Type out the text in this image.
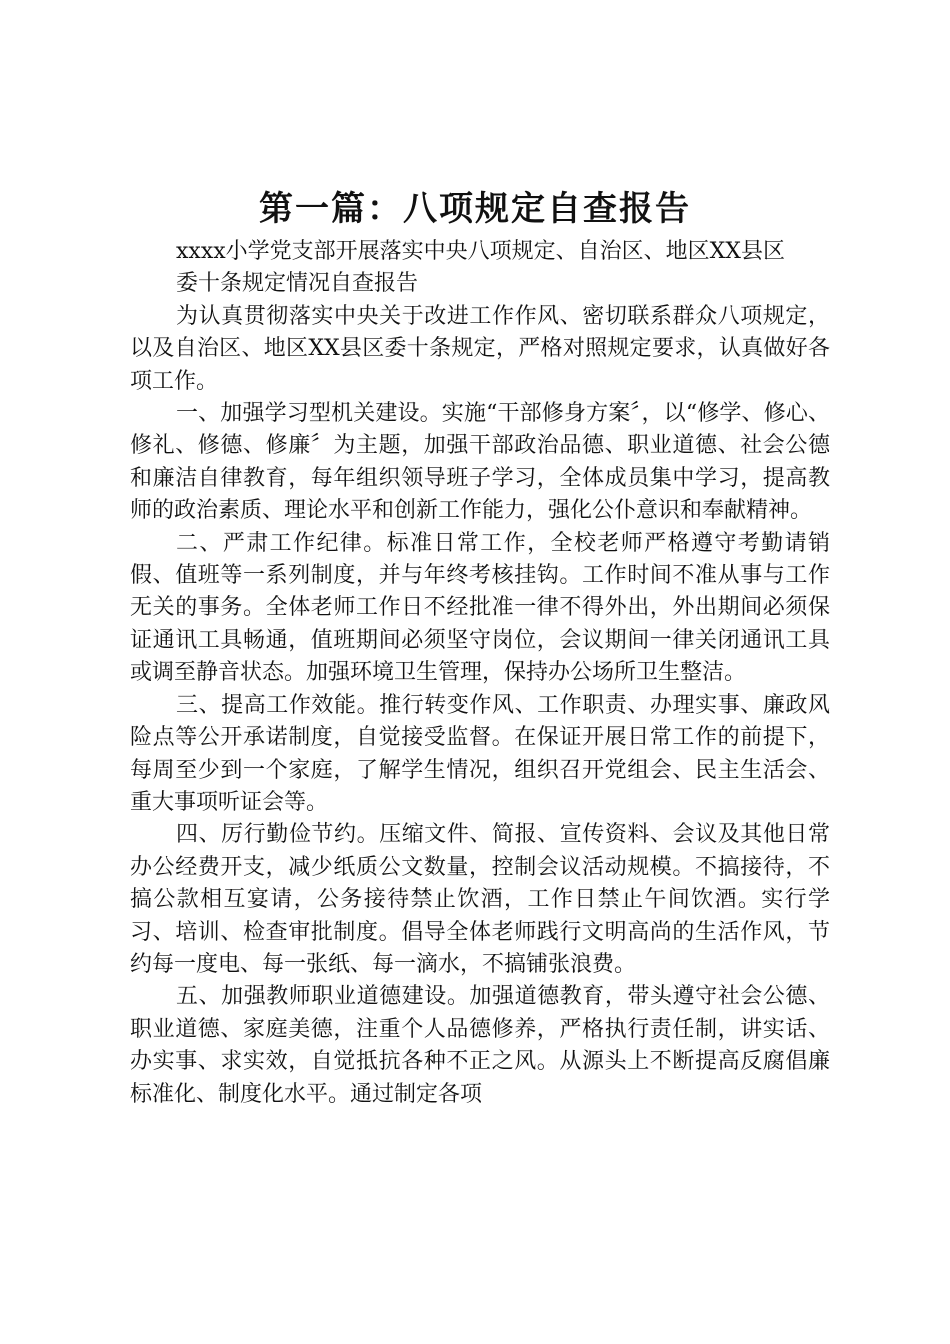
第一篇：八项规定自查报告

xxxx小学党支部开展落实中央八项规定、自治区、地区XX县区

委十条规定情况自查报告

为认真贯彻落实中央关于改进工作作风、密切联系群众八项规定，以及自治区、地区XX县区委十条规定，严格对照规定要求，认真做好各项工作。

一、加强学习型机关建设。实施“干部修身方案〞，以“修学、修心、修礼、修德、修廉〞为主题，加强干部政治品德、职业道德、社会公德和廉洁自律教育，每年组织领导班子学习，全体成员集中学习，提高教师的政治素质、理论水平和创新工作能力，强化公仆意识和奉献精神。

二、严肃工作纪律。标准日常工作，全校老师严格遵守考勤请销假、值班等一系列制度，并与年终考核挂钩。工作时间不准从事与工作无关的事务。全体老师工作日不经批准一律不得外出，外出期间必须保证通讯工具畅通，值班期间必须坚守岗位，会议期间一律关闭通讯工具或调至静音状态。加强环境卫生管理，保持办公场所卫生整洁。

三、提高工作效能。推行转变作风、工作职责、办理实事、廉政风险点等公开承诺制度，自觉接受监督。在保证开展日常工作的前提下，每周至少到一个家庭，了解学生情况，组织召开党组会、民主生活会、重大事项听证会等。

四、厉行勤俭节约。压缩文件、简报、宣传资料、会议及其他日常办公经费开支，减少纸质公文数量，控制会议活动规模。不搞接待，不搞公款相互宴请，公务接待禁止饮酒，工作日禁止午间饮酒。实行学习、培训、检查审批制度。倡导全体老师践行文明高尚的生活作风，节约每一度电、每一张纸、每一滴水，不搞铺张浪费。

五、加强教师职业道德建设。加强道德教育，带头遵守社会公德、职业道德、家庭美德，注重个人品德修养，严格执行责任制，讲实话、办实事、求实效，自觉抵抗各种不正之风。从源头上不断提高反腐倡廉标准化、制度化水平。通过制定各项
